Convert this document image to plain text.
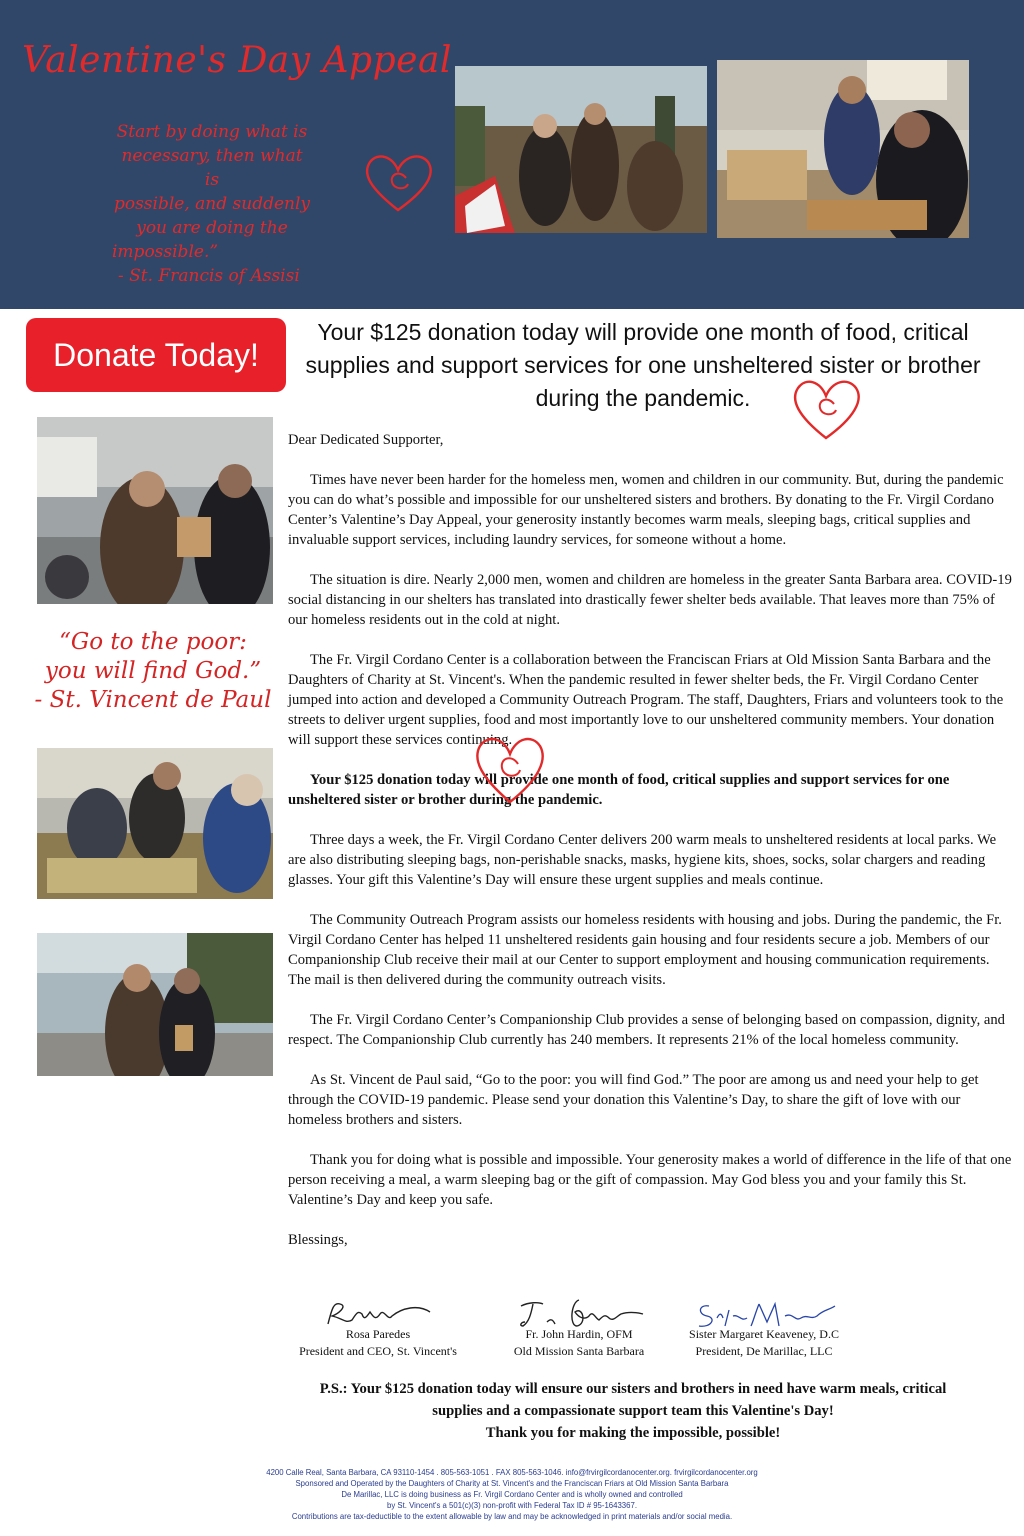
Valentine's Day Appeal
Start by doing what is
necessary, then what is
possible, and suddenly
you are doing the
impossible.”
- St. Francis of Assisi
Donate Today!
Your $125 donation today will provide one month of food, critical
supplies and support services for one unsheltered sister or brother
during the pandemic.
“Go to the poor:
you will find God.”
- St. Vincent de Paul

Dear Dedicated Supporter,

Times have never been harder for the homeless men, women and children in our community. But, during the pandemic you can do what’s possible and impossible for our unsheltered sisters and brothers. By donating to the Fr. Virgil Cordano Center’s Valentine’s Day Appeal, your generosity instantly becomes warm meals, sleeping bags, critical supplies and invaluable support services, including laundry services, for someone without a home.

The situation is dire. Nearly 2,000 men, women and children are homeless in the greater Santa Barbara area. COVID-19 social distancing in our shelters has translated into drastically fewer shelter beds available. That leaves more than 75% of our homeless residents out in the cold at night.

The Fr. Virgil Cordano Center is a collaboration between the Franciscan Friars at Old Mission Santa Barbara and the Daughters of Charity at St. Vincent's. When the pandemic resulted in fewer shelter beds, the Fr. Virgil Cordano Center jumped into action and developed a Community Outreach Program. The staff, Daughters, Friars and volunteers took to the streets to deliver urgent supplies, food and most importantly love to our unsheltered community members. Your donation will support these services continuing.

Your $125 donation today will provide one month of food, critical supplies and support services for one unsheltered sister or brother during the pandemic.

Three days a week, the Fr. Virgil Cordano Center delivers 200 warm meals to unsheltered residents at local parks. We are also distributing sleeping bags, non-perishable snacks, masks, hygiene kits, shoes, socks, solar chargers and reading glasses. Your gift this Valentine’s Day will ensure these urgent supplies and meals continue.

The Community Outreach Program assists our homeless residents with housing and jobs. During the pandemic, the Fr. Virgil Cordano Center has helped 11 unsheltered residents gain housing and four residents secure a job. Members of our Companionship Club receive their mail at our Center to support employment and housing communication requirements. The mail is then delivered during the community outreach visits.

The Fr. Virgil Cordano Center’s Companionship Club provides a sense of belonging based on compassion, dignity, and respect. The Companionship Club currently has 240 members. It represents 21% of the local homeless community.

As St. Vincent de Paul said, “Go to the poor: you will find God.” The poor are among us and need your help to get through the COVID-19 pandemic. Please send your donation this Valentine’s Day, to share the gift of love with our homeless brothers and sisters.

Thank you for doing what is possible and impossible. Your generosity makes a world of difference in the life of that one person receiving a meal, a warm sleeping bag or the gift of compassion. May God bless you and your family this St. Valentine’s Day and keep you safe.

Blessings,

Rosa Paredes
President and CEO, St. Vincent's
Fr. John Hardin, OFM
Old Mission Santa Barbara
Sister Margaret Keaveney, D.C
President, De Marillac, LLC
P.S.: Your $125 donation today will ensure our sisters and brothers in need have warm meals, critical
supplies and a compassionate support team this Valentine's Day!
Thank you for making the impossible, possible!
4200 Calle Real, Santa Barbara, CA 93110-1454 . 805-563-1051 . FAX 805-563-1046. info@frvirgilcordanocenter.org. frvirgilcordanocenter.org
Sponsored and Operated by the Daughters of Charity at St. Vincent's and the Franciscan Friars at Old Mission Santa Barbara
De Marillac, LLC is doing business as Fr. Virgil Cordano Center and is wholly owned and controlled
by St. Vincent's a 501(c)(3) non-profit with Federal Tax ID # 95-1643367.
Contributions are tax-deductible to the extent allowable by law and may be acknowledged in print materials and/or social media.
